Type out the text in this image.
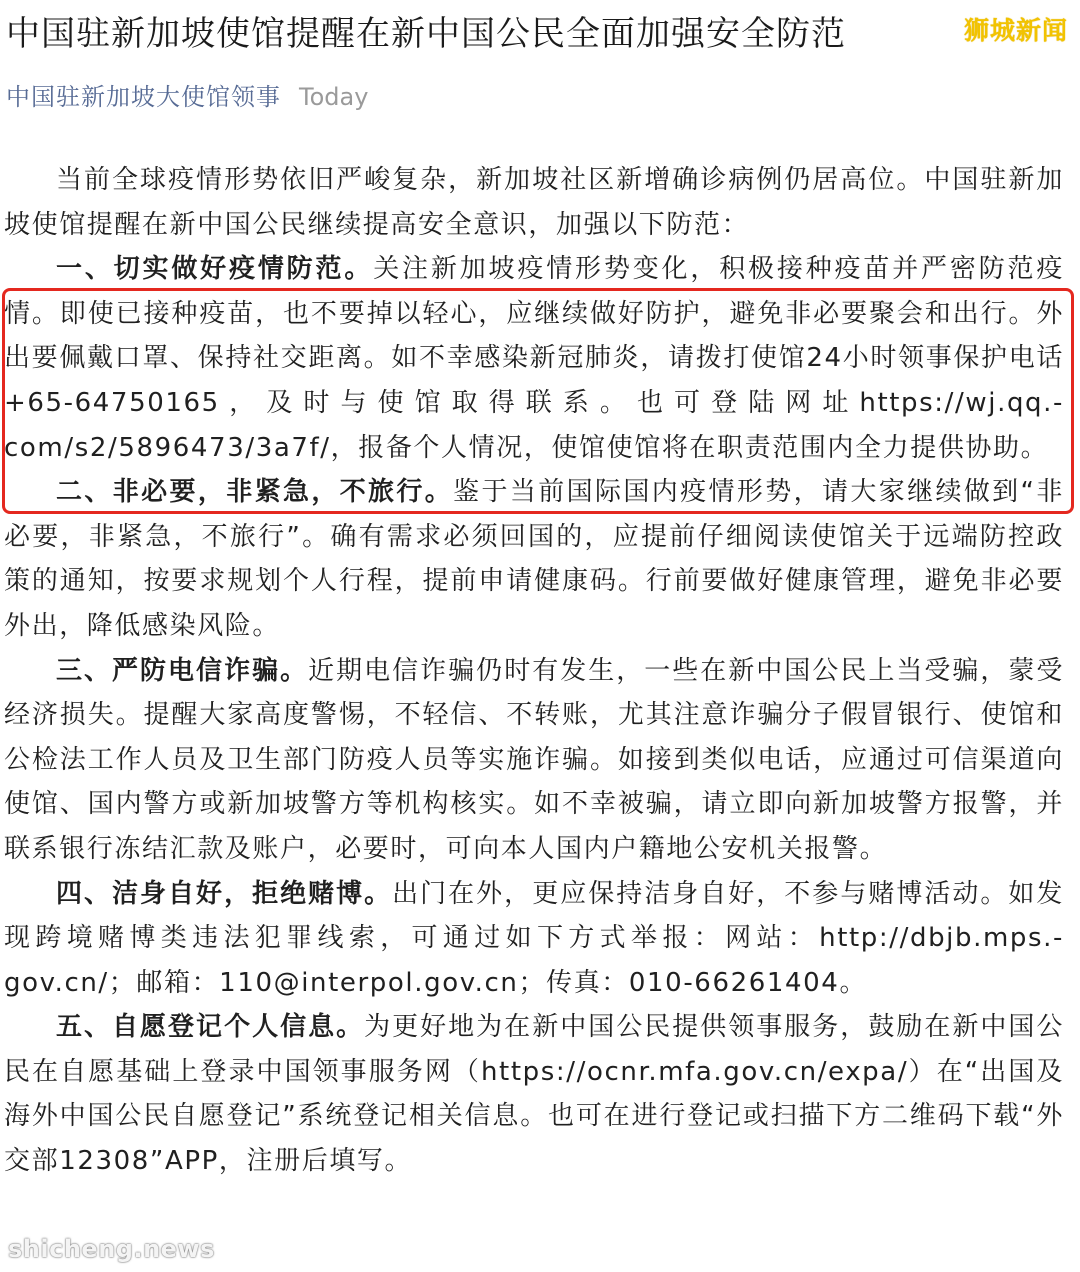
中国驻新加坡使馆提醒在新中国公民全面加强安全防范	狮城新闻
中国驻新加坡大使馆领事 Today

当前全球疫情形势依旧严峻复杂，新加坡社区新增确诊病例仍居高位。中国驻新加坡使馆提醒在新中国公民继续提高安全意识，加强以下防范：

一、切实做好疫情防范。关注新加坡疫情形势变化，积极接种疫苗并严密防范疫情。即使已接种疫苗，也不要掉以轻心，应继续做好防护，避免非必要聚会和出行。外出要佩戴口罩、保持社交距离。如不幸感染新冠肺炎，请拨打使馆24小时领事保护电话+65-64750165，及时与使馆取得联系。也可登陆网址https://wj.qq.-com/s2/5896473/3a7f/，报备个人情况，使馆使馆将在职责范围内全力提供协助。

二、非必要，非紧急，不旅行。鉴于当前国际国内疫情形势，请大家继续做到“非必要，非紧急，不旅行”。确有需求必须回国的，应提前仔细阅读使馆关于远端防控政策的通知，按要求规划个人行程，提前申请健康码。行前要做好健康管理，避免非必要外出，降低感染风险。

三、严防电信诈骗。近期电信诈骗仍时有发生，一些在新中国公民上当受骗，蒙受经济损失。提醒大家高度警惕，不轻信、不转账，尤其注意诈骗分子假冒银行、使馆和公检法工作人员及卫生部门防疫人员等实施诈骗。如接到类似电话，应通过可信渠道向使馆、国内警方或新加坡警方等机构核实。如不幸被骗，请立即向新加坡警方报警，并联系银行冻结汇款及账户，必要时，可向本人国内户籍地公安机关报警。

四、洁身自好，拒绝赌博。出门在外，更应保持洁身自好，不参与赌博活动。如发现跨境赌博类违法犯罪线索，可通过如下方式举报：网站：http://dbjb.mps.-gov.cn/；邮箱：110@interpol.gov.cn；传真：010-66261404。

五、自愿登记个人信息。为更好地为在新中国公民提供领事服务，鼓励在新中国公民在自愿基础上登录中国领事服务网（https://ocnr.mfa.gov.cn/expa/）在“出国及海外中国公民自愿登记”系统登记相关信息。也可在进行登记或扫描下方二维码下载“外交部12308”APP，注册后填写。

shicheng.news
